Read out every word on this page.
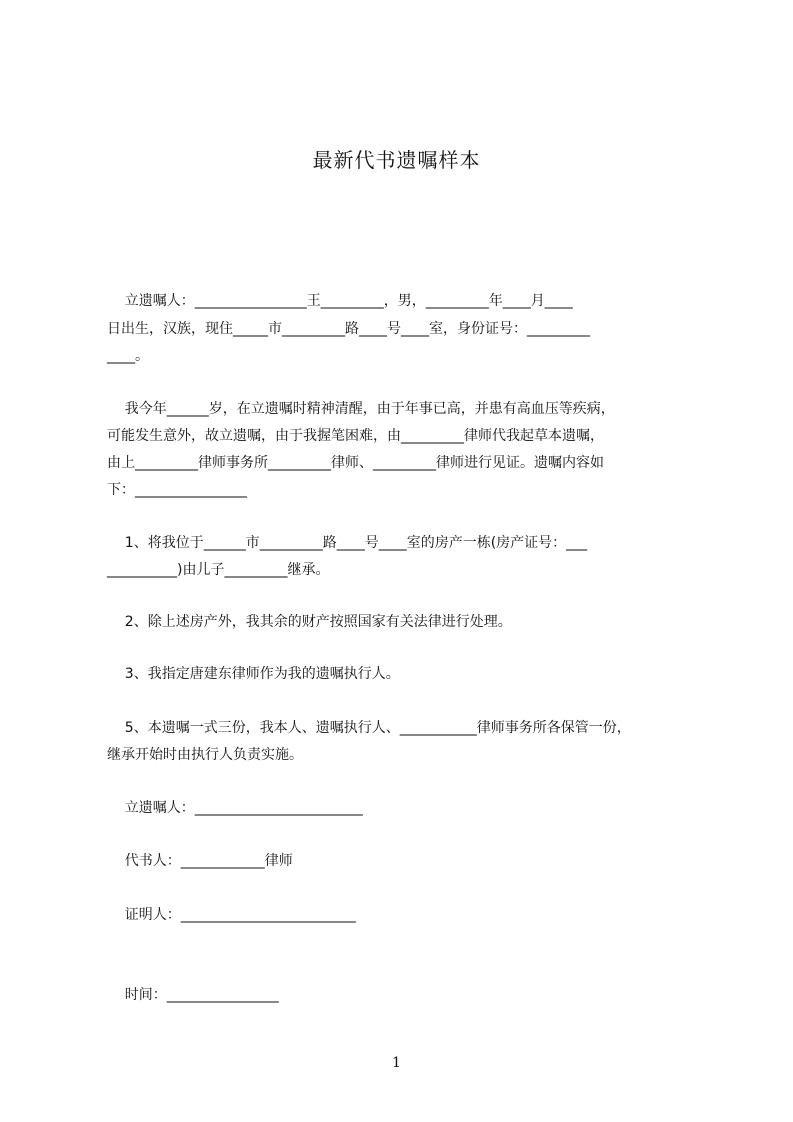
最新代书遗嘱样本

立遗嘱人：________________王_________，男，_________年____月____

日出生，汉族，现住_____市_________路____号____室，身份证号：_________

____。

我今年______岁，在立遗嘱时精神清醒，由于年事已高，并患有高血压等疾病，

可能发生意外，故立遗嘱，由于我握笔困难，由_________律师代我起草本遗嘱，

由上_________律师事务所_________律师、_________律师进行见证。遗嘱内容如

下：________________

1、将我位于______市_________路____号____室的房产一栋(房产证号：___

__________)由儿子_________继承。

2、除上述房产外，我其余的财产按照国家有关法律进行处理。

3、我指定唐建东律师作为我的遗嘱执行人。

5、本遗嘱一式三份，我本人、遗嘱执行人、___________律师事务所各保管一份，

继承开始时由执行人负责实施。

立遗嘱人：________________________

代书人：____________律师

证明人：_________________________

时间：________________

1
